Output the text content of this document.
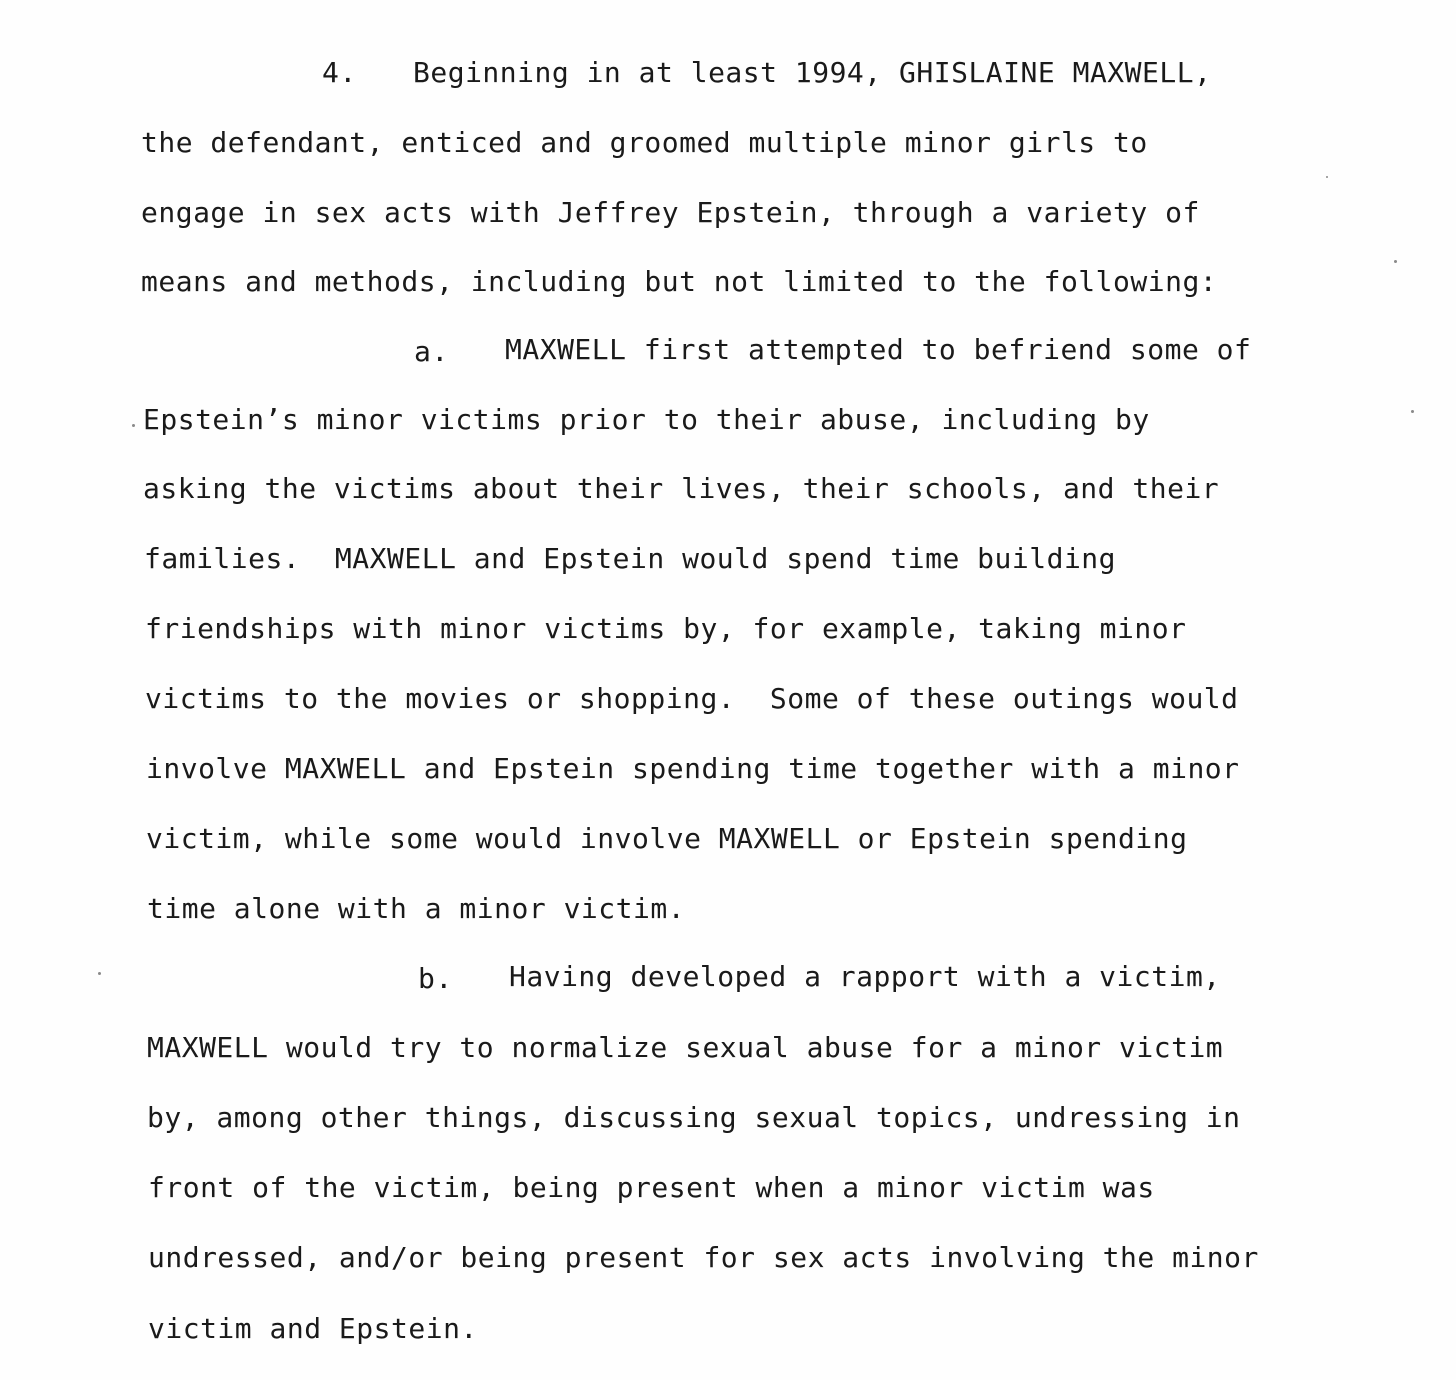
4. Beginning in at least 1994, GHISLAINE MAXWELL,

the defendant, enticed and groomed multiple minor girls to

engage in sex acts with Jeffrey Epstein, through a variety of

means and methods, including but not limited to the following:

a. MAXWELL first attempted to befriend some of

Epstein’s minor victims prior to their abuse, including by

asking the victims about their lives, their schools, and their

families.  MAXWELL and Epstein would spend time building

friendships with minor victims by, for example, taking minor

victims to the movies or shopping.  Some of these outings would

involve MAXWELL and Epstein spending time together with a minor

victim, while some would involve MAXWELL or Epstein spending

time alone with a minor victim.

b. Having developed a rapport with a victim,

MAXWELL would try to normalize sexual abuse for a minor victim

by, among other things, discussing sexual topics, undressing in

front of the victim, being present when a minor victim was

undressed, and/or being present for sex acts involving the minor

victim and Epstein.
